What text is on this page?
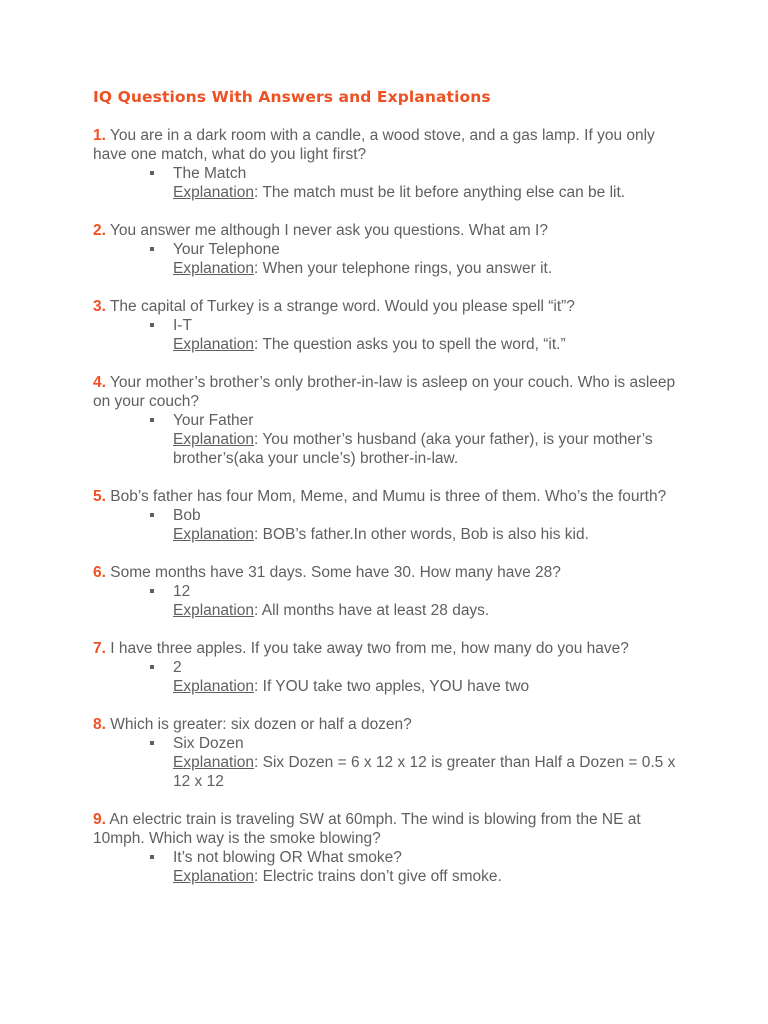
IQ Questions With Answers and Explanations

1. You are in a dark room with a candle, a wood stove, and a gas lamp. If you only have one match, what do you light first?

The Match
Explanation: The match must be lit before anything else can be lit.

2. You answer me although I never ask you questions. What am I?

Your Telephone
Explanation: When your telephone rings, you answer it.

3. The capital of Turkey is a strange word. Would you please spell “it”?

I-T
Explanation: The question asks you to spell the word, “it.”

4. Your mother’s brother’s only brother-in-law is asleep on your couch. Who is asleep on your couch?

Your Father
Explanation: You mother’s husband (aka your father), is your mother’s brother’s(aka your uncle’s) brother-in-law.

5. Bob’s father has four Mom, Meme, and Mumu is three of them. Who’s the fourth?

Bob
Explanation: BOB’s father.In other words, Bob is also his kid.

6. Some months have 31 days. Some have 30. How many have 28?

12
Explanation: All months have at least 28 days.

7. I have three apples. If you take away two from me, how many do you have?

2
Explanation: If YOU take two apples, YOU have two

8. Which is greater: six dozen or half a dozen?

Six Dozen
Explanation: Six Dozen = 6 x 12 x 12 is greater than Half a Dozen = 0.5 x 12 x 12

9. An electric train is traveling SW at 60mph. The wind is blowing from the NE at 10mph. Which way is the smoke blowing?

It’s not blowing OR What smoke?
Explanation: Electric trains don’t give off smoke.
